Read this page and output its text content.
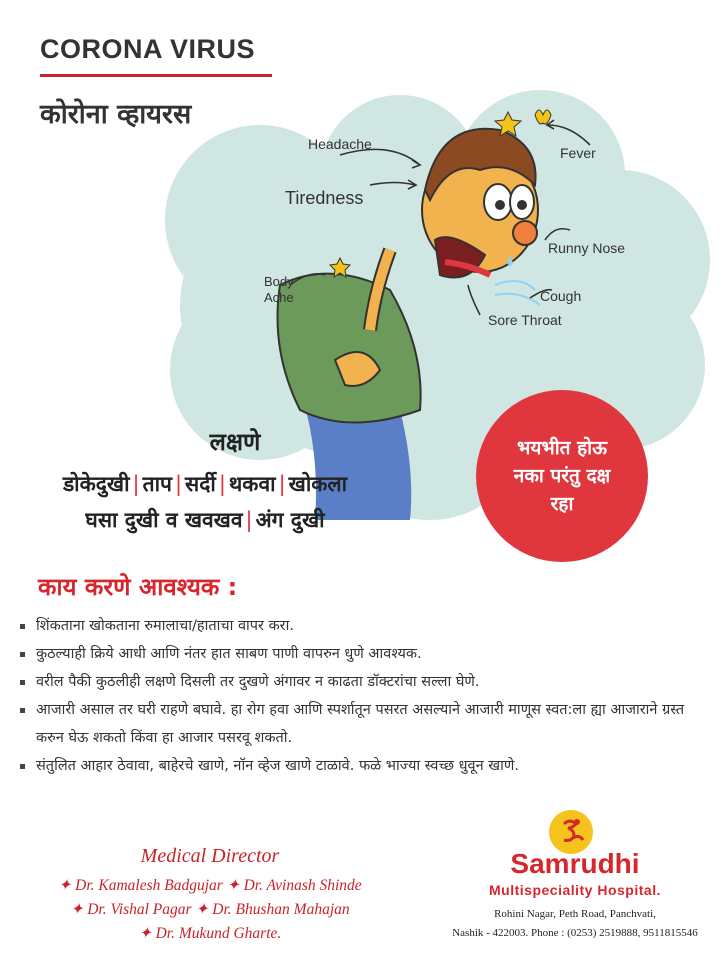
CORONA VIRUS
कोरोना व्हायरस
Headache
Fever
Tiredness
Runny Nose
Body
Ache	Cough
Sore Throat
भयभीत होऊ
नका परंतु दक्ष
रहा
लक्षणे
डोकेदुखी | ताप | सर्दी | थकवा | खोकला
घसा दुखी व खवखव | अंग दुखी
काय करणे आवश्यक :
शिंकताना खोकताना रुमालाचा/हाताचा वापर करा.
कुठल्याही क्रिये आधी आणि नंतर हात साबण पाणी वापरुन धुणे आवश्यक.
वरील पैकी कुठलीही लक्षणे दिसली तर दुखणे अंगावर न काढता डॉक्टरांचा सल्ला घेणे.
आजारी असाल तर घरी राहणे बघावे. हा रोग हवा आणि स्पर्शातून पसरत असल्याने आजारी माणूस स्वत:ला ह्या आजाराने ग्रस्त करुन घेऊ शकतो किंवा हा आजार पसरवू शकतो.
संतुलित आहार ठेवावा, बाहेरचे खाणे, नॉन व्हेज खाणे टाळावे. फळे भाज्या स्वच्छ धुवून खाणे.
Medical Director
✦ Dr. Kamalesh Badgujar ✦ Dr. Avinash Shinde
✦ Dr. Vishal Pagar ✦ Dr. Bhushan Mahajan
✦ Dr. Mukund Gharte.
Samrudhi
Multispeciality Hospital.
Rohini Nagar, Peth Road, Panchvati,
Nashik - 422003. Phone : (0253) 2519888, 9511815546
